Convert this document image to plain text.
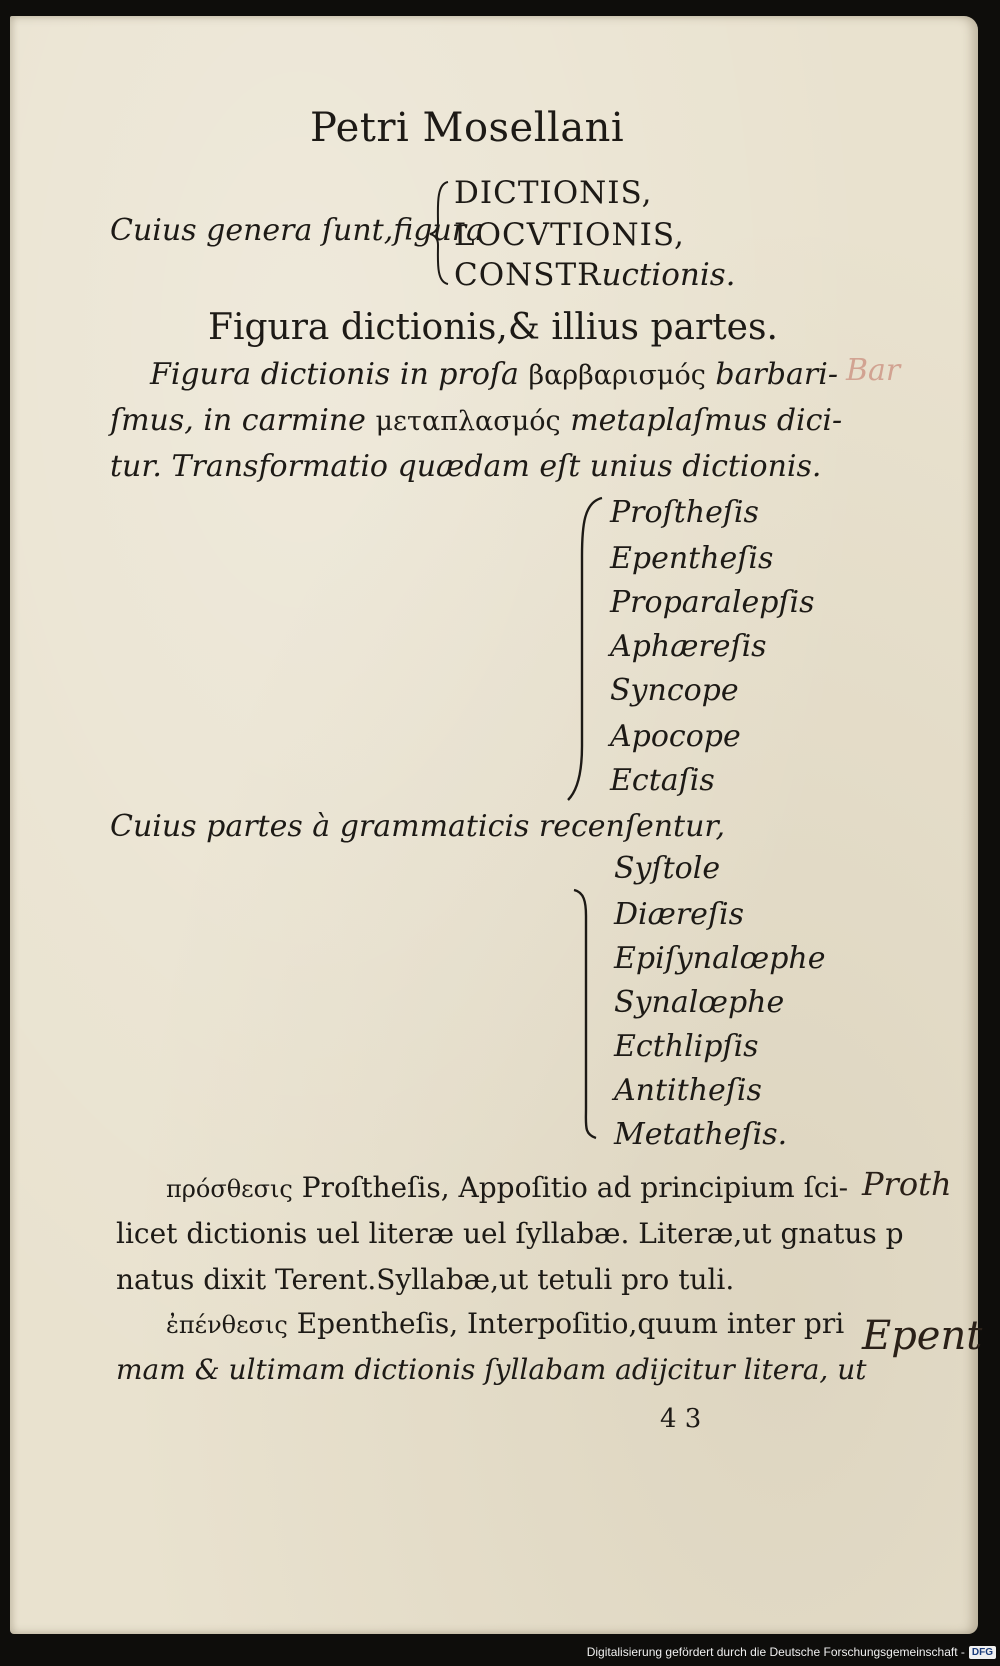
Petri Mosellani
Cuius genera ſunt,figura
DICTIONIS,
LOCVTIONIS,
CONSTRuctionis.
Figura dictionis,& illius partes.
Figura dictionis in proſa βαρβαρισμός barbari-
ſmus, in carmine μεταπλασμός metaplaſmus dici-
tur. Transformatio quædam eſt unius dictionis.
Proſtheſis
Epentheſis
Proparalepſis
Aphæreſis
Syncope
Apocope
Ectaſis
Cuius partes à grammaticis recenſentur,
Syſtole
Diæreſis
Epiſynalœphe
Synalœphe
Ecthlipſis
Antitheſis
Metatheſis.
πρόσθεσις Proſtheſis, Appoſitio ad principium ſci-
licet dictionis uel literæ uel ſyllabæ. Literæ,ut gnatus p
natus dixit Terent.Syllabæ,ut tetuli pro tuli.
ἐπένθεσις Epentheſis, Interpoſitio,quum inter pri
mam & ultimam dictionis ſyllabam adijcitur litera, ut
4 3
Bar
Proth
Epent
Digitalisierung gefördert durch die Deutsche Forschungsgemeinschaft - DFG
